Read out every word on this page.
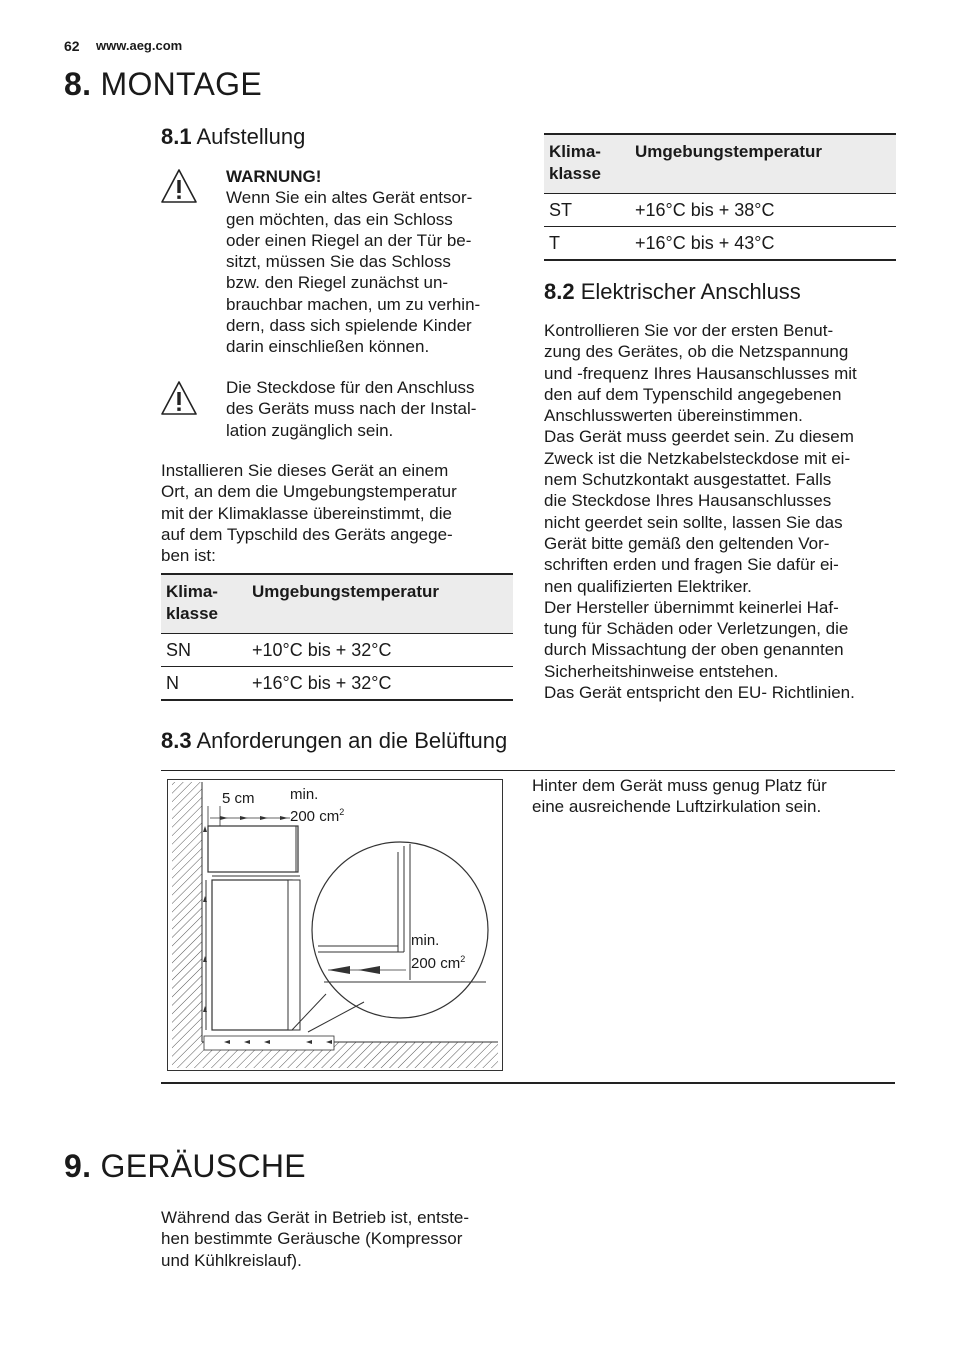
62 www.aeg.com
8. MONTAGE
8.1 Aufstellung
WARNUNG!
Wenn Sie ein altes Gerät entsor-
gen möchten, das ein Schloss
oder einen Riegel an der Tür be-
sitzt, müssen Sie das Schloss
bzw. den Riegel zunächst un-
brauchbar machen, um zu verhin-
dern, dass sich spielende Kinder
darin einschließen können.
Die Steckdose für den Anschluss
des Geräts muss nach der Instal-
lation zugänglich sein.
Installieren Sie dieses Gerät an einem
Ort, an dem die Umgebungstemperatur
mit der Klimaklasse übereinstimmt, die
auf dem Typschild des Geräts angege-
ben ist:
Klima- klasse	Umgebungstemperatur
SN	+10°C bis + 32°C
N	+16°C bis + 32°C
Klima- klasse	Umgebungstemperatur
ST	+16°C bis + 38°C
T	+16°C bis + 43°C
8.2 Elektrischer Anschluss
Kontrollieren Sie vor der ersten Benut-
zung des Gerätes, ob die Netzspannung
und -frequenz Ihres Hausanschlusses mit
den auf dem Typenschild angegebenen
Anschlusswerten übereinstimmen.
Das Gerät muss geerdet sein. Zu diesem
Zweck ist die Netzkabelsteckdose mit ei-
nem Schutzkontakt ausgestattet. Falls
die Steckdose Ihres Hausanschlusses
nicht geerdet sein sollte, lassen Sie das
Gerät bitte gemäß den geltenden Vor-
schriften erden und fragen Sie dafür ei-
nen qualifizierten Elektriker.
Der Hersteller übernimmt keinerlei Haf-
tung für Schäden oder Verletzungen, die
durch Missachtung der oben genannten
Sicherheitshinweise entstehen.
Das Gerät entspricht den EU- Richtlinien.
8.3 Anforderungen an die Belüftung
Hinter dem Gerät muss genug Platz für
eine ausreichende Luftzirkulation sein.
5 cm min.
200 $cm^2$
min.
200 $cm^2$
9. GERÄUSCHE
Während das Gerät in Betrieb ist, entste-
hen bestimmte Geräusche (Kompressor
und Kühlkreislauf).
